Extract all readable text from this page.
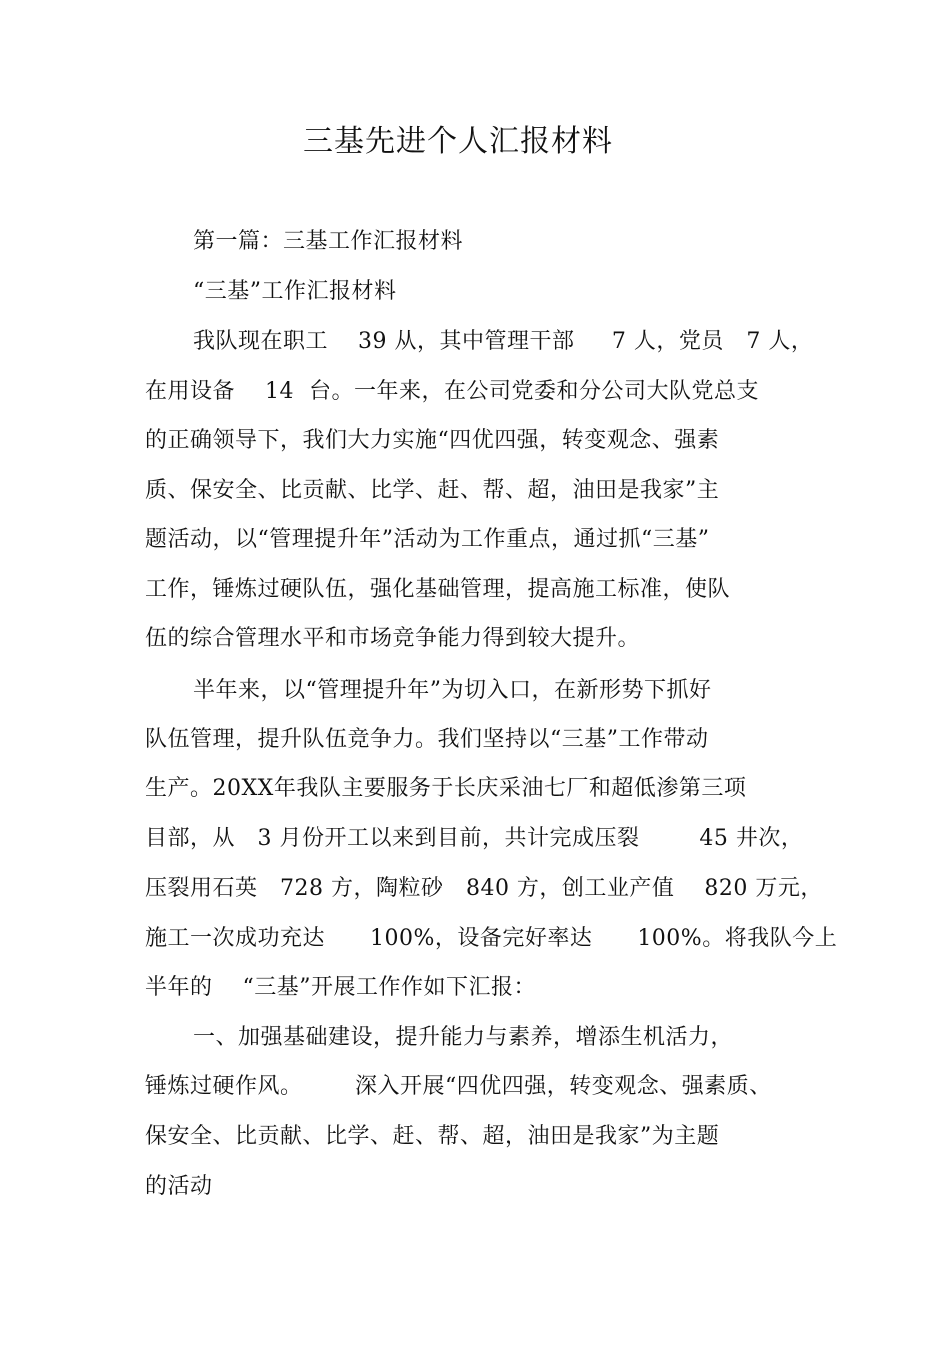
三基先进个人汇报材料
第一篇：三基工作汇报材料
“三基”工作汇报材料
我队现在职工    39 从，其中管理干部     7 人，党员   7 人，
在用设备    14  台。一年来，在公司党委和分公司大队党总支
的正确领导下，我们大力实施“四优四强，转变观念、强素
质、保安全、比贡献、比学、赶、帮、超，油田是我家”主
题活动，以“管理提升年”活动为工作重点，通过抓“三基”
工作，锤炼过硬队伍，强化基础管理，提高施工标准，使队
伍的综合管理水平和市场竞争能力得到较大提升。
半年来，以“管理提升年”为切入口，在新形势下抓好
队伍管理，提升队伍竞争力。我们坚持以“三基”工作带动
生产。20XX年我队主要服务于长庆采油七厂和超低渗第三项
目部，从   3 月份开工以来到目前，共计完成压裂        45 井次，
压裂用石英   728 方，陶粒砂   840 方，创工业产值    820 万元，
施工一次成功充达      100%，设备完好率达      100%。将我队今上
半年的    “三基”开展工作作如下汇报：
一、加强基础建设，提升能力与素养，增添生机活力，
锤炼过硬作风。       深入开展“四优四强，转变观念、强素质、
保安全、比贡献、比学、赶、帮、超，油田是我家”为主题
的活动
